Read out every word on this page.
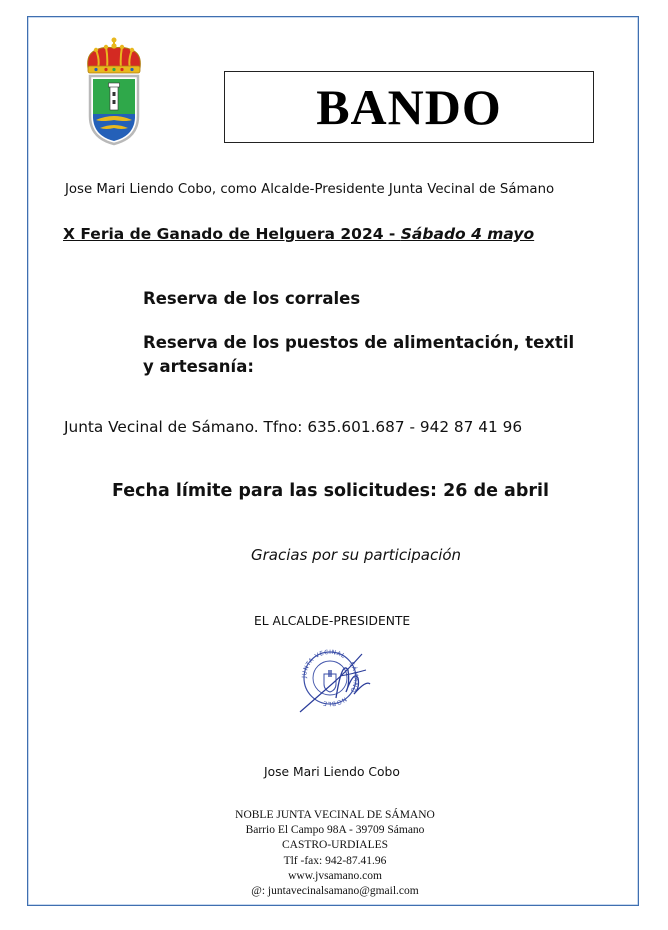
BANDO
Jose Mari Liendo Cobo, como Alcalde-Presidente Junta Vecinal de Sámano
X Feria de Ganado de Helguera 2024 - Sábado 4 mayo
Reserva de los corrales
Reserva de los puestos de alimentación, textil y artesanía:
Junta Vecinal de Sámano. Tfno: 635.601.687 - 942 87 41 96
Fecha límite para las solicitudes: 26 de abril
Gracias por su participación
EL ALCALDE-PRESIDENTE
JUNTA VECINAL · SÁMANO · NOBLE
Jose Mari Liendo Cobo
NOBLE JUNTA VECINAL DE SÁMANO
Barrio El Campo 98A - 39709 Sámano
CASTRO-URDIALES
Tlf -fax: 942-87.41.96
www.jvsamano.com
@: juntavecinalsamano@gmail.com
